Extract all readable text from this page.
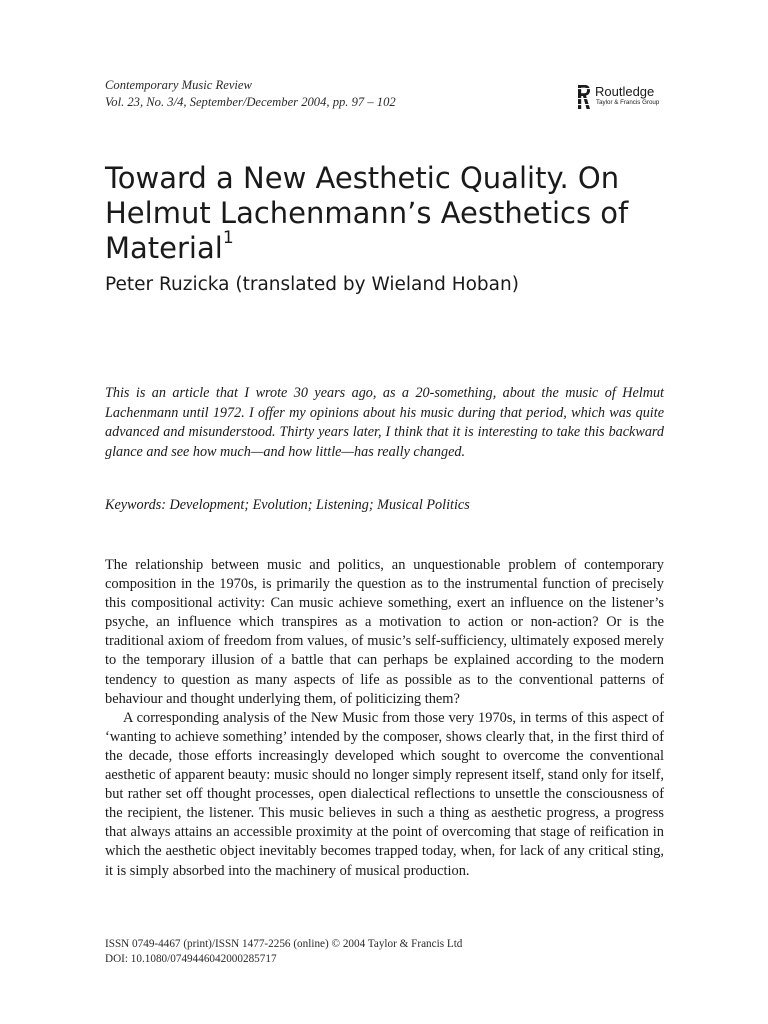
Contemporary Music Review
Vol. 23, No. 3/4, September/December 2004, pp. 97 – 102
Routledge
Taylor & Francis Group
Toward a New Aesthetic Quality. On Helmut Lachenmann’s Aesthetics of Material$^1$
Peter Ruzicka (translated by Wieland Hoban)

This is an article that I wrote 30 years ago, as a 20-something, about the music of Helmut Lachenmann until 1972. I offer my opinions about his music during that period, which was quite advanced and misunderstood. Thirty years later, I think that it is interesting to take this backward glance and see how much—and how little—has really changed.

Keywords: Development; Evolution; Listening; Musical Politics

The relationship between music and politics, an unquestionable problem of contemporary composition in the 1970s, is primarily the question as to the instrumental function of precisely this compositional activity: Can music achieve something, exert an influence on the listener’s psyche, an influence which transpires as a motivation to action or non-action? Or is the traditional axiom of freedom from values, of music’s self-sufficiency, ultimately exposed merely to the temporary illusion of a battle that can perhaps be explained according to the modern tendency to question as many aspects of life as possible as to the conventional patterns of behaviour and thought underlying them, of politicizing them?

A corresponding analysis of the New Music from those very 1970s, in terms of this aspect of ‘wanting to achieve something’ intended by the composer, shows clearly that, in the first third of the decade, those efforts increasingly developed which sought to overcome the conventional aesthetic of apparent beauty: music should no longer simply represent itself, stand only for itself, but rather set off thought processes, open dialectical reflections to unsettle the consciousness of the recipient, the listener. This music believes in such a thing as aesthetic progress, a progress that always attains an accessible proximity at the point of overcoming that stage of reification in which the aesthetic object inevitably becomes trapped today, when, for lack of any critical sting, it is simply absorbed into the machinery of musical production.

ISSN 0749-4467 (print)/ISSN 1477-2256 (online) © 2004 Taylor & Francis Ltd
DOI: 10.1080/0749446042000285717
